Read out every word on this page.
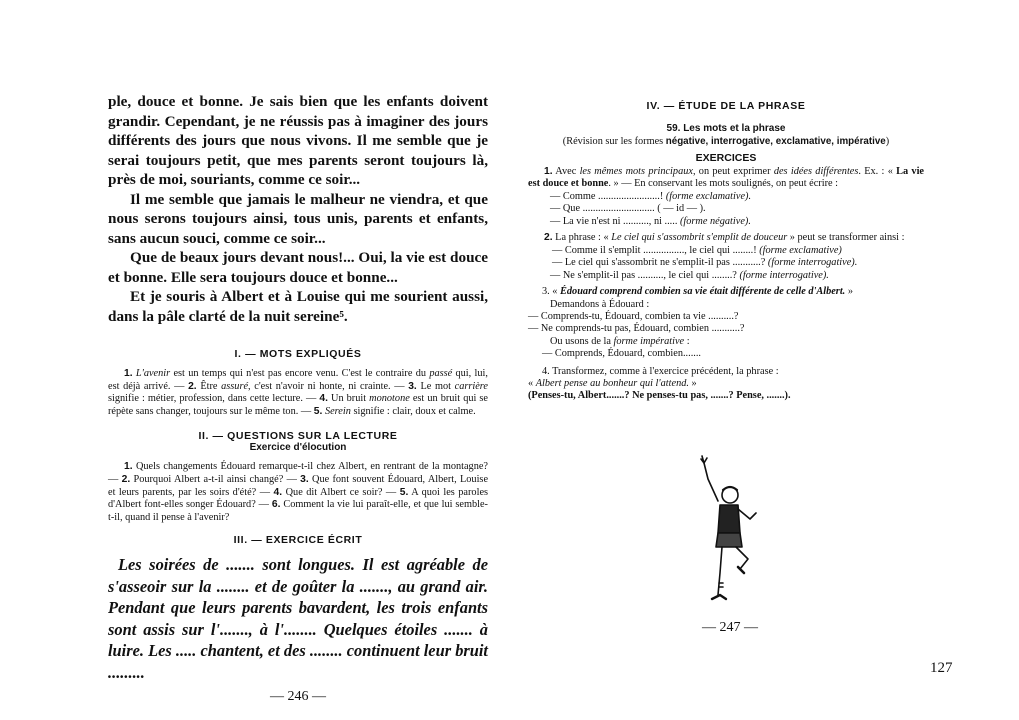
ple, douce et bonne. Je sais bien que les enfants doivent grandir. Cependant, je ne réussis pas à imaginer des jours différents des jours que nous vivons. Il me semble que je serai toujours petit, que mes parents seront toujours là, près de moi, souriants, comme ce soir...

Il me semble que jamais le malheur ne viendra, et que nous serons toujours ainsi, tous unis, parents et enfants, sans aucun souci, comme ce soir...

Que de beaux jours devant nous!... Oui, la vie est douce et bonne. Elle sera toujours douce et bonne...

Et je souris à Albert et à Louise qui me sourient aussi, dans la pâle clarté de la nuit sereine⁵.

I. — MOTS EXPLIQUÉS

1. L'avenir est un temps qui n'est pas encore venu. C'est le contraire du passé qui, lui, est déjà arrivé. — 2. Être assuré, c'est n'avoir ni honte, ni crainte. — 3. Le mot carrière signifie : métier, profession, dans cette lecture. — 4. Un bruit monotone est un bruit qui se répète sans changer, toujours sur le même ton. — 5. Serein signifie : clair, doux et calme.

II. — QUESTIONS SUR LA LECTURE

Exercice d'élocution

1. Quels changements Édouard remarque-t-il chez Albert, en rentrant de la montagne? — 2. Pourquoi Albert a-t-il ainsi changé? — 3. Que font souvent Édouard, Albert, Louise et leurs parents, par les soirs d'été? — 4. Que dit Albert ce soir? — 5. A quoi les paroles d'Albert font-elles songer Édouard? — 6. Comment la vie lui paraît-elle, et que lui semble-t-il, quand il pense à l'avenir?

III. — EXERCICE ÉCRIT

Les soirées de ....... sont longues. Il est agréable de s'asseoir sur la ........ et de goûter la ......., au grand air. Pendant que leurs parents bavardent, les trois enfants sont assis sur l'......., à l'........ Quelques étoiles ....... à luire. Les ..... chantent, et des ........ continuent leur bruit .........

— 246 —

IV. — ÉTUDE DE LA PHRASE

59. Les mots et la phrase

(Révision sur les formes négative, interrogative, exclamative, impérative)

EXERCICES

1. Avec les mêmes mots principaux, on peut exprimer des idées différentes. Ex. : « La vie est douce et bonne. » — En conservant les mots soulignés, on peut écrire :

— Comme ........................! (forme exclamative).

— Que ............................ ( — id — ).

— La vie n'est ni .........., ni ..... (forme négative).

2. La phrase : « Le ciel qui s'assombrit s'emplit de douceur » peut se transformer ainsi :

— Comme il s'emplit ................, le ciel qui ........! (forme exclamative)

— Le ciel qui s'assombrit ne s'emplit-il pas ...........? (forme interrogative).

— Ne s'emplit-il pas .........., le ciel qui ........? (forme interrogative).

3. « Édouard comprend combien sa vie était différente de celle d'Albert. »

Demandons à Édouard :

— Comprends-tu, Édouard, combien ta vie ..........?

— Ne comprends-tu pas, Édouard, combien ...........?

Ou usons de la forme impérative :

— Comprends, Édouard, combien.......

4. Transformez, comme à l'exercice précédent, la phrase :

« Albert pense au bonheur qui l'attend. »

(Penses-tu, Albert.......? Ne penses-tu pas, .......? Pense, .......).

— 247 —
127
